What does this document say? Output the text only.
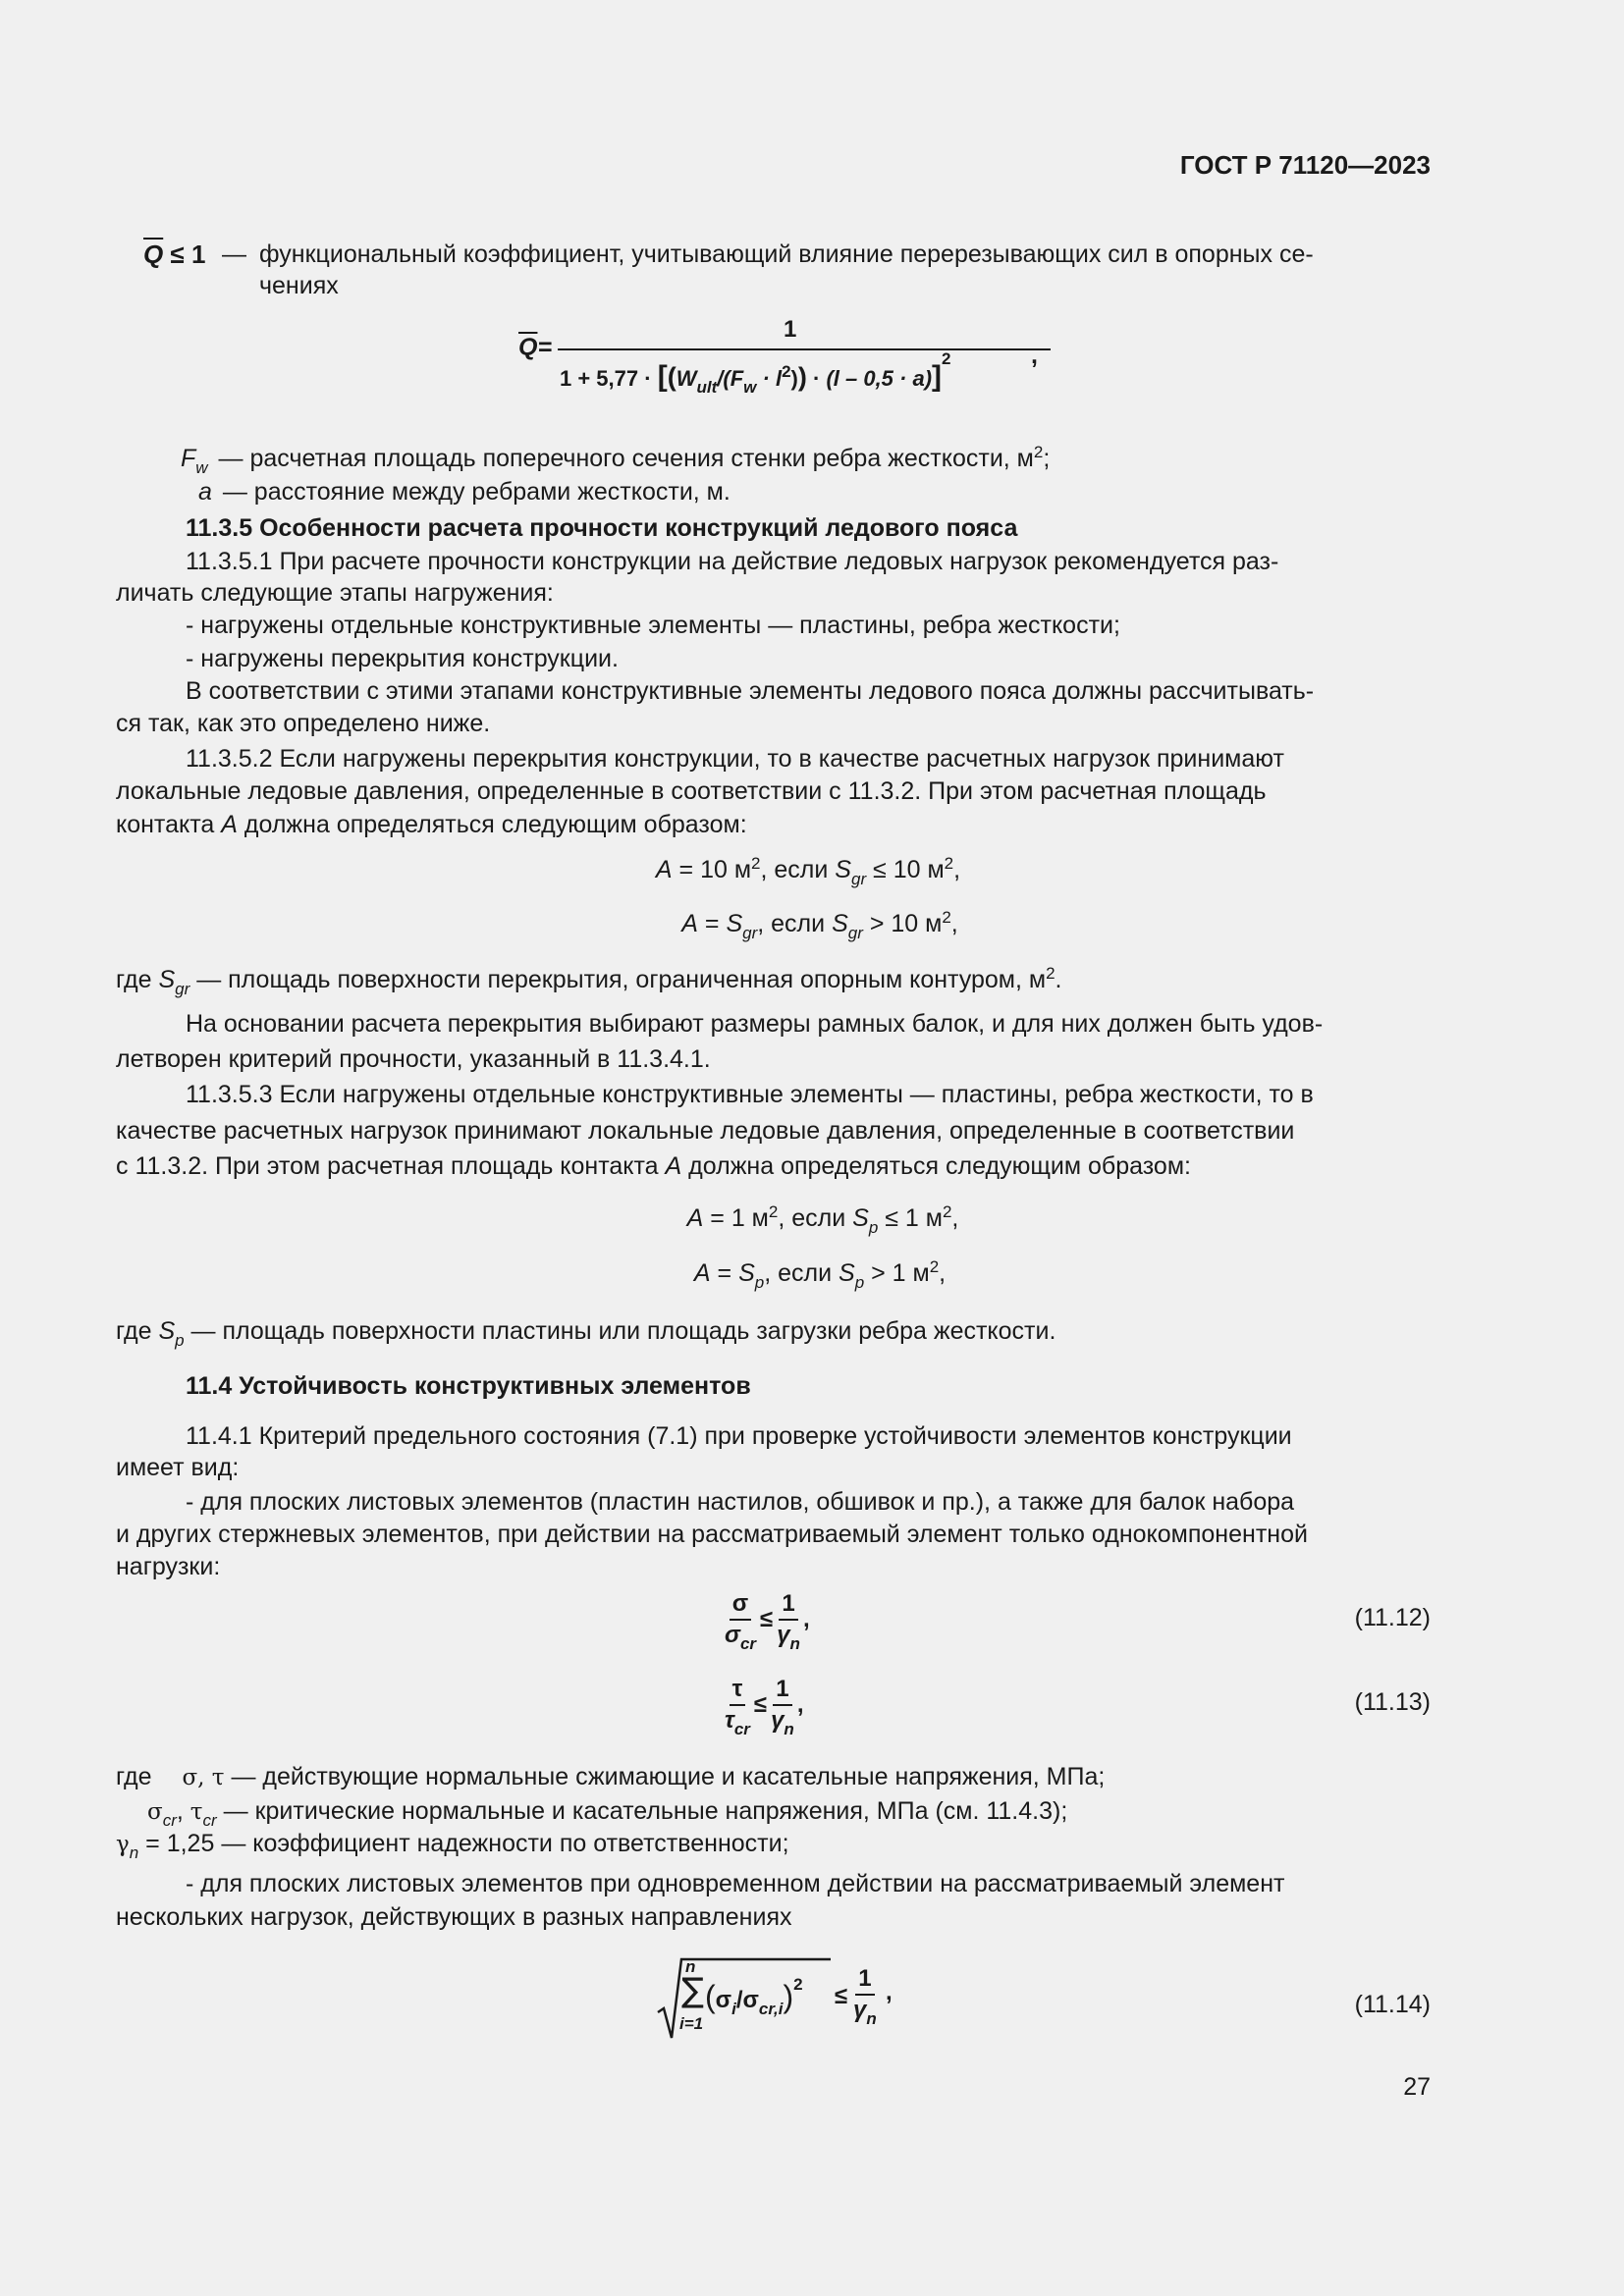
ГОСТ Р 71120—2023
$\overline{Q} \le 1$ — функциональный коэффициент, учитывающий влияние перерезывающих сил в опорных се-
чениях
$\overline{Q}$ =
1
$1 + 5,77 \cdot [(W_{ult}/(F_w \cdot l^2)) \cdot (l - 0,5 \cdot a)]^2$	,
$F_w$ — расчетная площадь поперечного сечения стенки ребра жесткости, $м^2$;
a — расстояние между ребрами жесткости, м.
11.3.5 Особенности расчета прочности конструкций ледового пояса
11.3.5.1 При расчете прочности конструкции на действие ледовых нагрузок рекомендуется раз-
личать следующие этапы нагружения:
- нагружены отдельные конструктивные элементы — пластины, ребра жесткости;
- нагружены перекрытия конструкции.
В соответствии с этими этапами конструктивные элементы ледового пояса должны рассчитывать-
ся так, как это определено ниже.
11.3.5.2 Если нагружены перекрытия конструкции, то в качестве расчетных нагрузок принимают
локальные ледовые давления, определенные в соответствии с 11.3.2. При этом расчетная площадь
контакта A должна определяться следующим образом:
A = 10 $м^2$, если $S_{gr} \le 10$ $м^2$,
$A = S_{gr}$, если $S_{gr} > 10$ $м^2$,
где $S_{gr}$ — площадь поверхности перекрытия, ограниченная опорным контуром, $м^2$.
На основании расчета перекрытия выбирают размеры рамных балок, и для них должен быть удов-
летворен критерий прочности, указанный в 11.3.4.1.
11.3.5.3 Если нагружены отдельные конструктивные элементы — пластины, ребра жесткости, то в
качестве расчетных нагрузок принимают локальные ледовые давления, определенные в соответствии
с 11.3.2. При этом расчетная площадь контакта A должна определяться следующим образом:
A = 1 $м^2$, если $S_p \le 1$ $м^2$,
$A = S_p$, если $S_p > 1$ $м^2$,
где $S_p$ — площадь поверхности пластины или площадь загрузки ребра жесткости.
11.4 Устойчивость конструктивных элементов
11.4.1 Критерий предельного состояния (7.1) при проверке устойчивости элементов конструкции
имеет вид:
- для плоских листовых элементов (пластин настилов, обшивок и пр.), а также для балок набора
и других стержневых элементов, при действии на рассматриваемый элемент только однокомпонентной
нагрузки:
$\frac{\sigma}{\sigma_{cr}} \le \frac{1}{\gamma_n}$ ,	(11.12)
$\frac{\tau}{\tau_{cr}} \le \frac{1}{\gamma_n}$ ,	(11.13)
где σ, τ — действующие нормальные сжимающие и касательные напряжения, МПа;
$\sigma_{cr}$, $\tau_{cr}$ — критические нормальные и касательные напряжения, МПа (см. 11.4.3);
$\gamma_n = 1,25$ — коэффициент надежности по ответственности;
- для плоских листовых элементов при одновременном действии на рассматриваемый элемент
нескольких нагрузок, действующих в разных направлениях
n
∑
i=1
$(\sigma_i/\sigma_{cr,i})^2 \le \frac{1}{\gamma_n}$ ,	(11.14)
27
